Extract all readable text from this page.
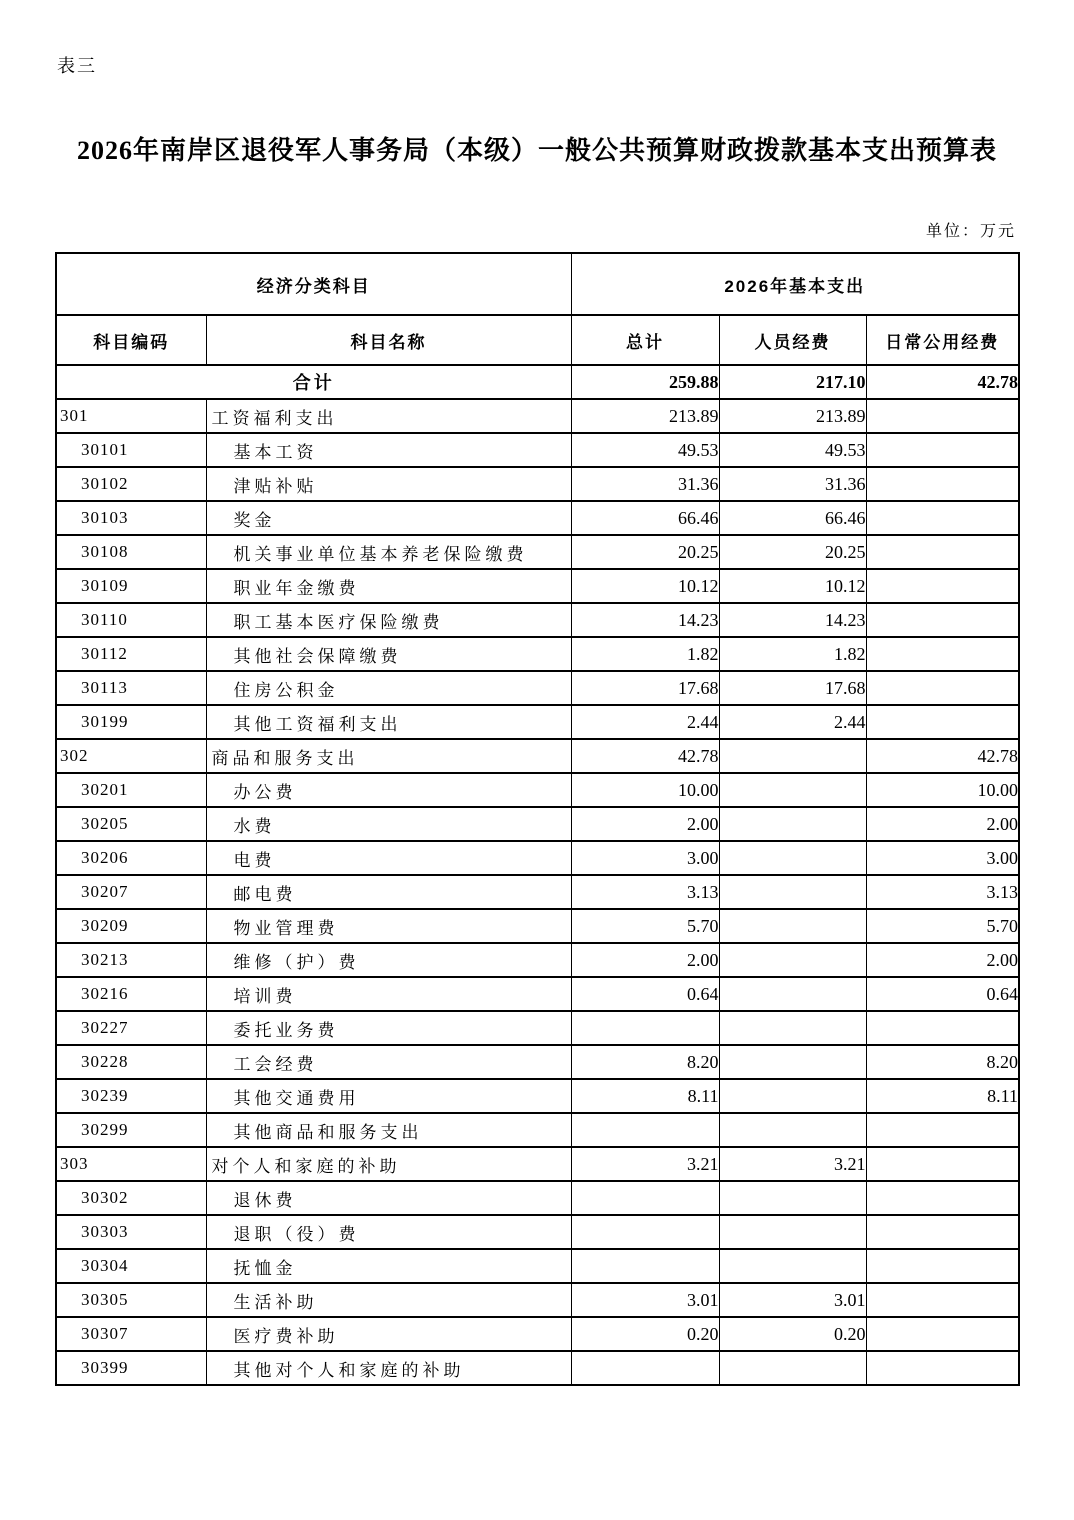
表三
2026年南岸区退役军人事务局（本级）一般公共预算财政拨款基本支出预算表
单位：万元
经济分类科目		2026年基本支出		
科目编码	科目名称	总计	人员经费	日常公用经费
合计		259.88	217.10	42.78
301	工资福利支出	213.89	213.89	
30101	基本工资	49.53	49.53	
30102	津贴补贴	31.36	31.36	
30103	奖金	66.46	66.46	
30108	机关事业单位基本养老保险缴费	20.25	20.25	
30109	职业年金缴费	10.12	10.12	
30110	职工基本医疗保险缴费	14.23	14.23	
30112	其他社会保障缴费	1.82	1.82	
30113	住房公积金	17.68	17.68	
30199	其他工资福利支出	2.44	2.44	
302	商品和服务支出	42.78		42.78
30201	办公费	10.00		10.00
30205	水费	2.00		2.00
30206	电费	3.00		3.00
30207	邮电费	3.13		3.13
30209	物业管理费	5.70		5.70
30213	维修（护）费	2.00		2.00
30216	培训费	0.64		0.64
30227	委托业务费			
30228	工会经费	8.20		8.20
30239	其他交通费用	8.11		8.11
30299	其他商品和服务支出			
303	对个人和家庭的补助	3.21	3.21	
30302	退休费			
30303	退职（役）费			
30304	抚恤金			
30305	生活补助	3.01	3.01	
30307	医疗费补助	0.20	0.20	
30399	其他对个人和家庭的补助			
